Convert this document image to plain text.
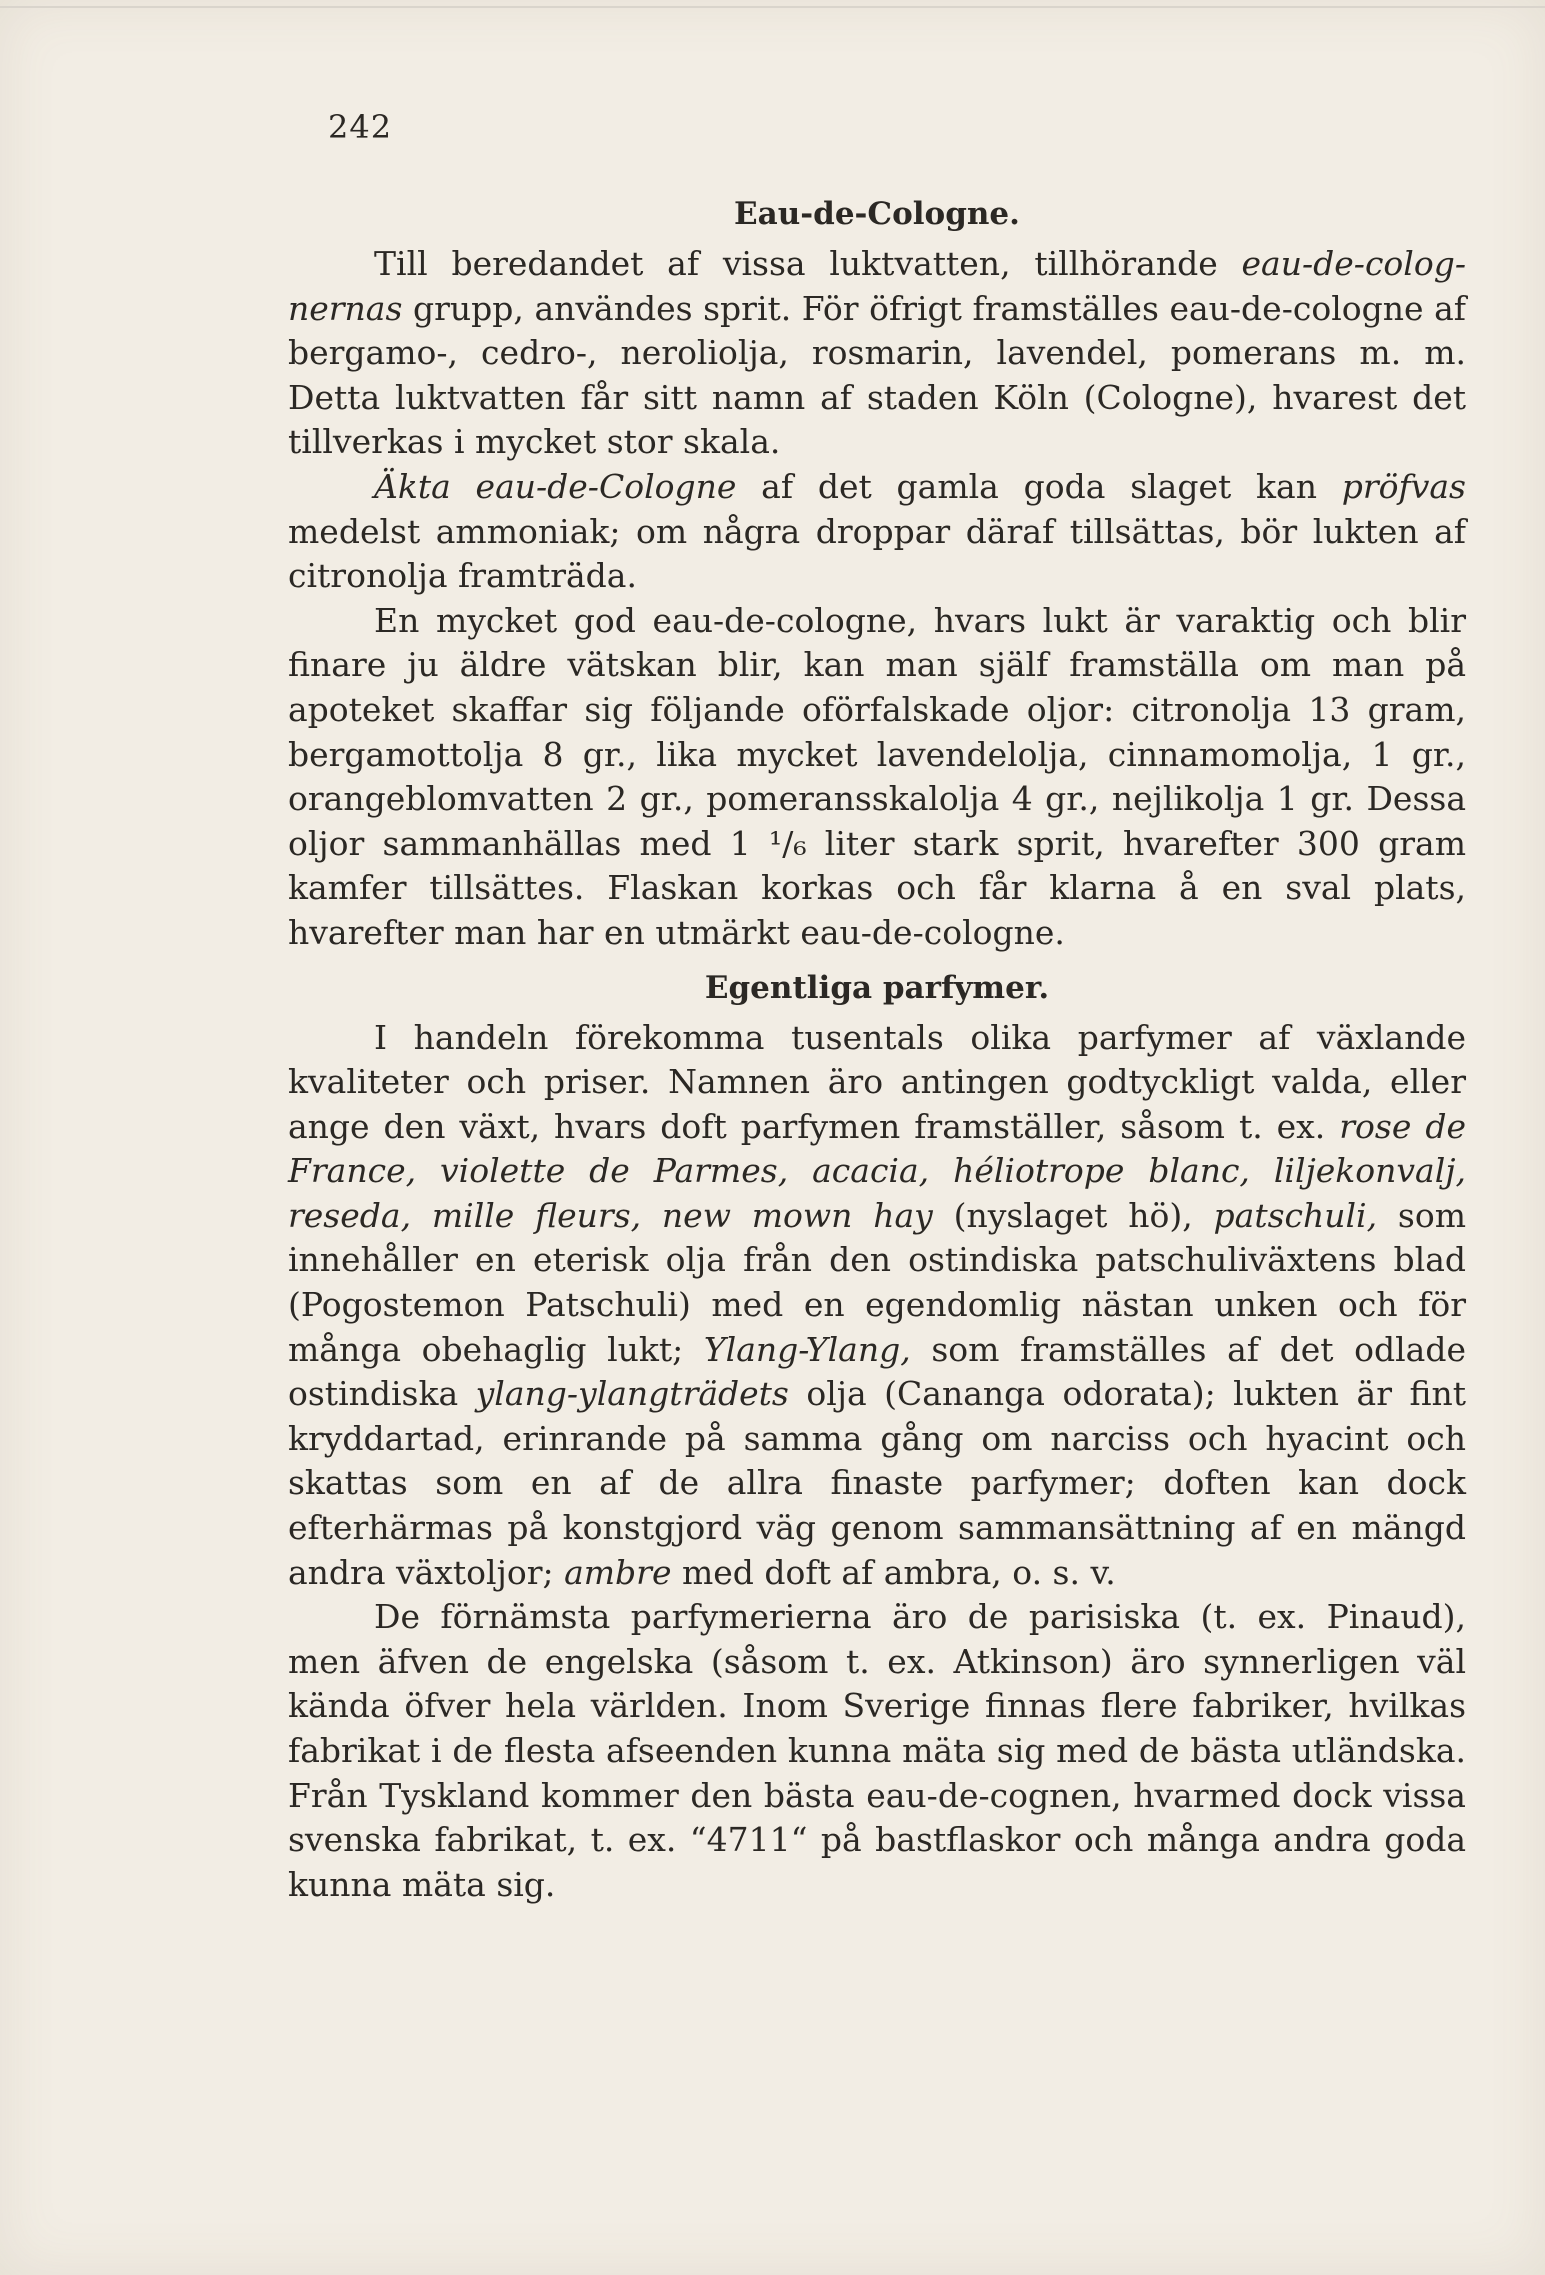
242
Eau-de-Cologne.

Till beredandet af vissa luktvatten, tillhörande eau-de-colognernas grupp, användes sprit. För öfrigt framställes eau-de-cologne af bergamo-, cedro-, neroliolja, rosmarin, lavendel, pomerans m. m. Detta luktvatten får sitt namn af staden Köln (Cologne), hvarest det tillverkas i mycket stor skala.

Äkta eau-de-Cologne af det gamla goda slaget kan pröfvas medelst ammoniak; om några droppar däraf tillsättas, bör lukten af citronolja framträda.

En mycket god eau-de-cologne, hvars lukt är varaktig och blir finare ju äldre vätskan blir, kan man själf framställa om man på apoteket skaffar sig följande oförfalskade oljor: citronolja 13 gram, bergamottolja 8 gr., lika mycket lavendelolja, cinnamomolja, 1 gr., orangeblomvatten 2 gr., pomeransskalolja 4 gr., nejlikolja 1 gr. Dessa oljor sammanhällas med 1 ¹/₆ liter stark sprit, hvarefter 300 gram kamfer tillsättes. Flaskan korkas och får klarna å en sval plats, hvarefter man har en utmärkt eau-de-cologne.

Egentliga parfymer.

I handeln förekomma tusentals olika parfymer af växlande kvaliteter och priser. Namnen äro antingen godtyckligt valda, eller ange den växt, hvars doft parfymen framställer, såsom t. ex. rose de France, violette de Parmes, acacia, héliotrope blanc, liljekonvalj, reseda, mille fleurs, new mown hay (nyslaget hö), patschuli, som innehåller en eterisk olja från den ostindiska patschuliväxtens blad (Pogostemon Patschuli) med en egendomlig nästan unken och för många obehaglig lukt; Ylang-Ylang, som framställes af det odlade ostindiska ylang-ylangträdets olja (Cananga odorata); lukten är fint kryddartad, erinrande på samma gång om narciss och hyacint och skattas som en af de allra finaste parfymer; doften kan dock efterhärmas på konstgjord väg genom sammansättning af en mängd andra växtoljor; ambre med doft af ambra, o. s. v.

De förnämsta parfymerierna äro de parisiska (t. ex. Pinaud), men äfven de engelska (såsom t. ex. Atkinson) äro synnerligen väl kända öfver hela världen. Inom Sverige finnas flere fabriker, hvilkas fabrikat i de flesta afseenden kunna mäta sig med de bästa utländska. Från Tyskland kommer den bästa eau-de-cognen, hvarmed dock vissa svenska fabrikat, t. ex. “4711“ på bastflaskor och många andra goda kunna mäta sig.
